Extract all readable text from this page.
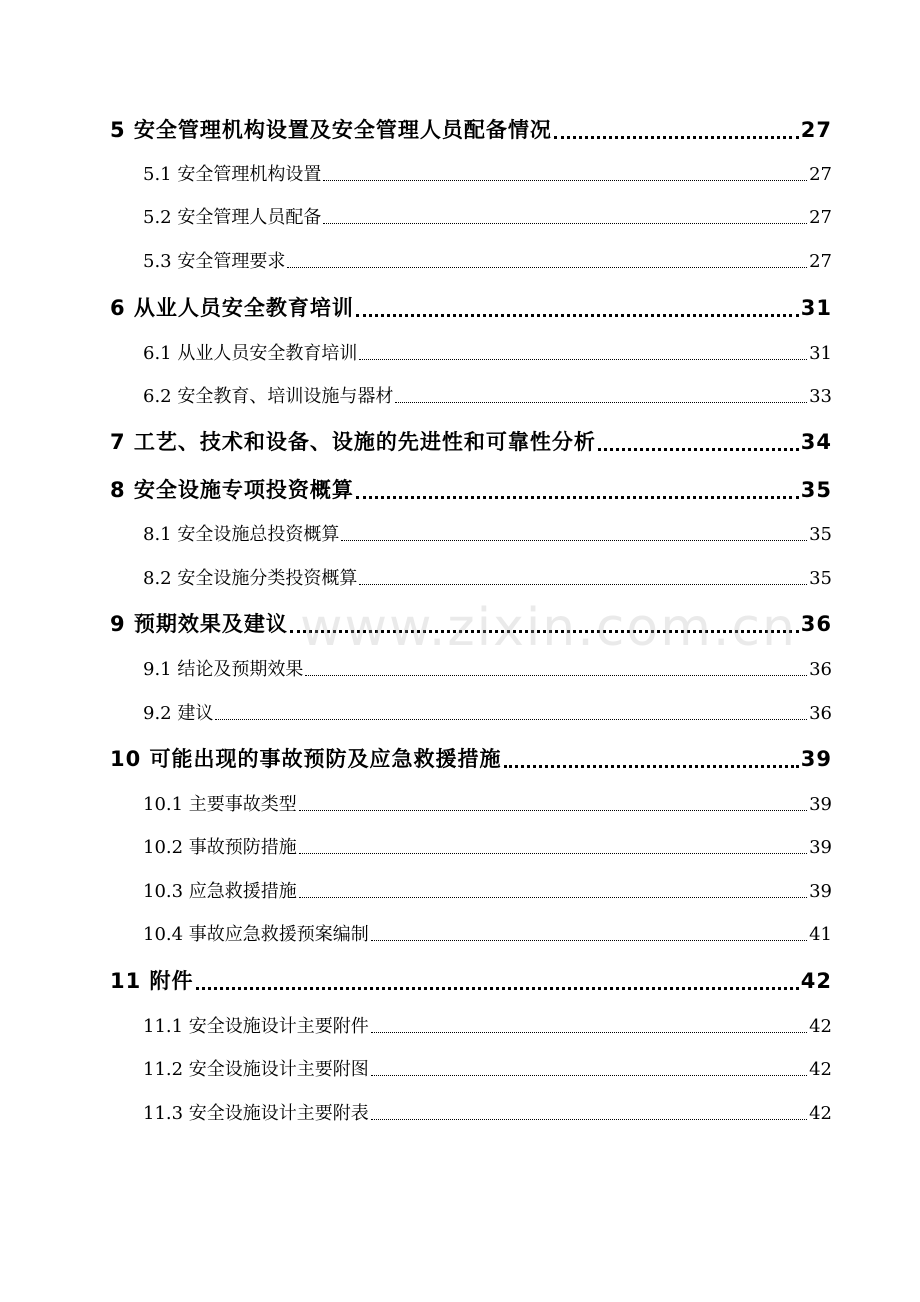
5 安全管理机构设置及安全管理人员配备情况	27
5.1 安全管理机构设置	27
5.2 安全管理人员配备	27
5.3 安全管理要求	27
6 从业人员安全教育培训	31
6.1 从业人员安全教育培训	31
6.2 安全教育、培训设施与器材	33
7 工艺、技术和设备、设施的先进性和可靠性分析	34
8 安全设施专项投资概算	35
8.1 安全设施总投资概算	35
8.2 安全设施分类投资概算	35
9 预期效果及建议	36
9.1 结论及预期效果	36
9.2 建议	36
10 可能出现的事故预防及应急救援措施	39
10.1 主要事故类型	39
10.2 事故预防措施	39
10.3 应急救援措施	39
10.4 事故应急救援预案编制	41
11 附件	42
11.1 安全设施设计主要附件	42
11.2 安全设施设计主要附图	42
11.3 安全设施设计主要附表	42
www.zixin.com.cn
